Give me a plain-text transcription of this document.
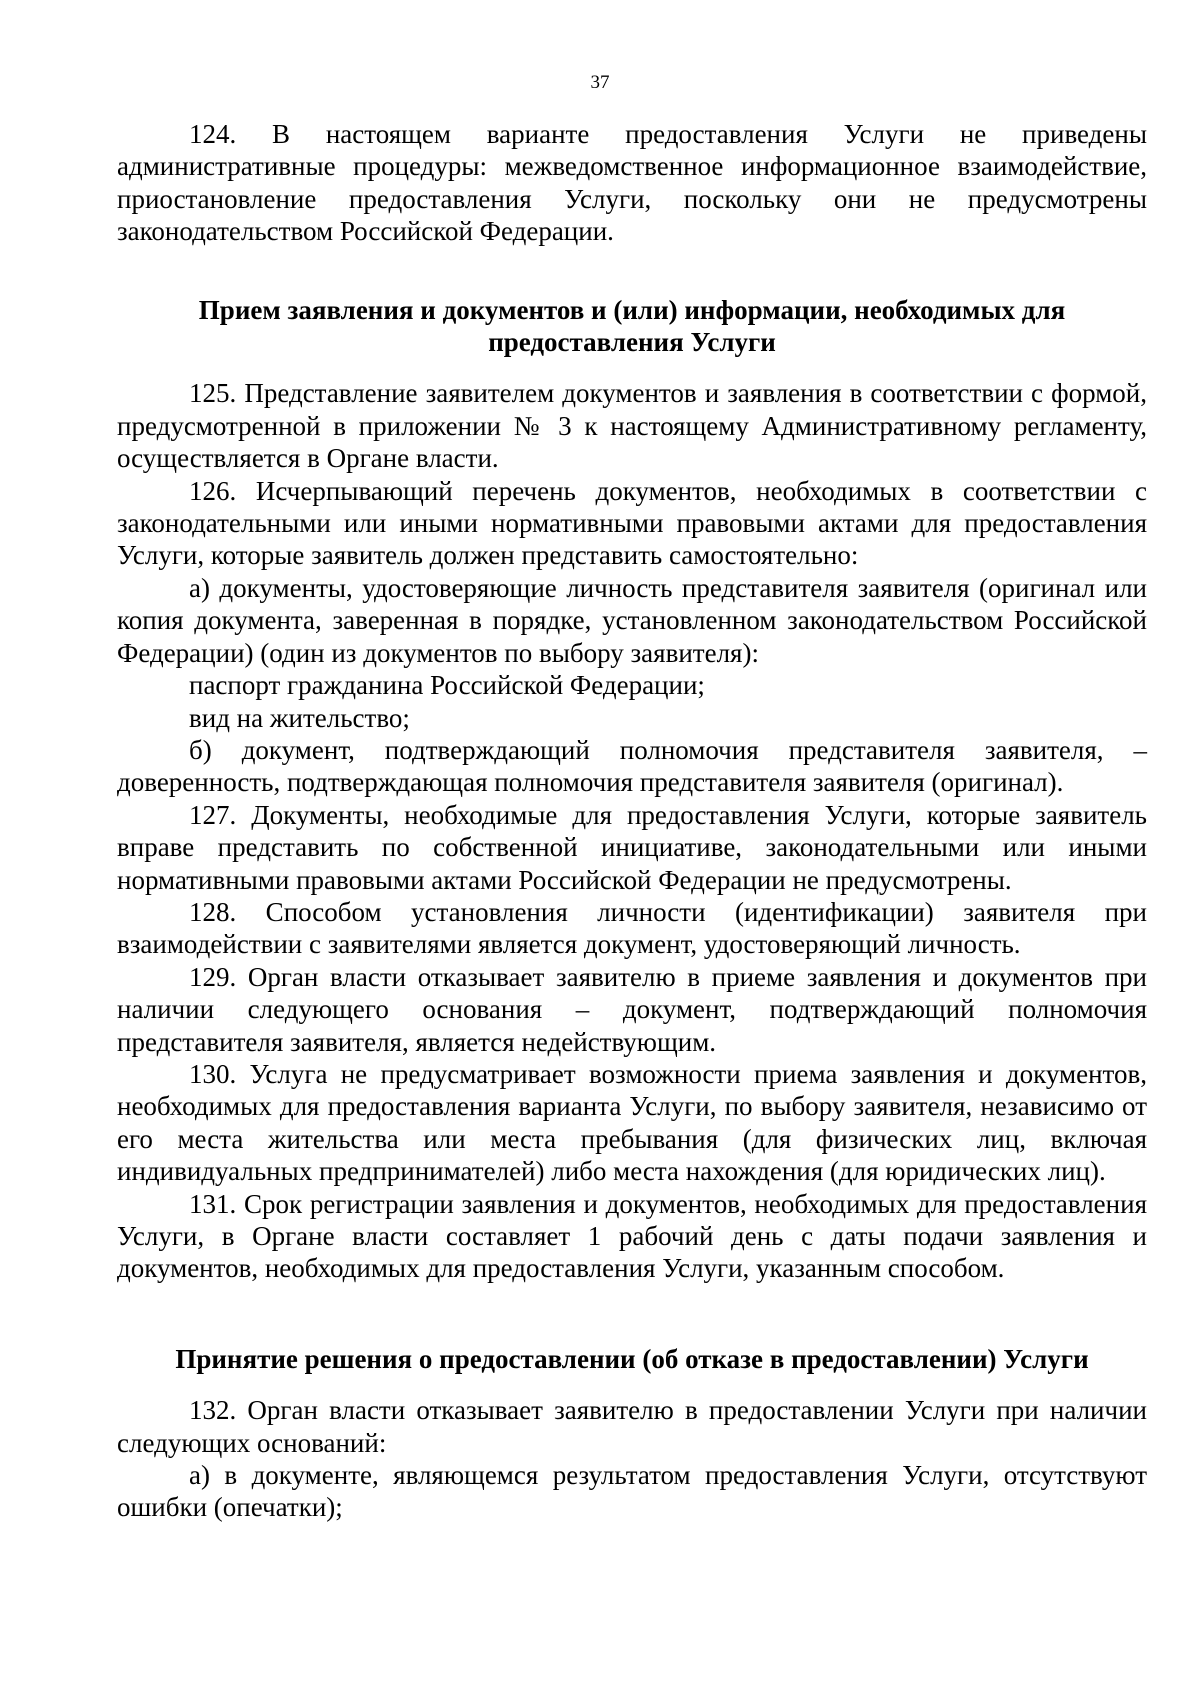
37

124. В настоящем варианте предоставления Услуги не приведены административные процедуры: межведомственное информационное взаимодействие, приостановление предоставления Услуги, поскольку они не предусмотрены законодательством Российской Федерации.

Прием заявления и документов и (или) информации, необходимых для предоставления Услуги

125. Представление заявителем документов и заявления в соответствии с формой, предусмотренной в приложении № 3 к настоящему Административному регламенту, осуществляется в Органе власти.

126. Исчерпывающий перечень документов, необходимых в соответствии с законодательными или иными нормативными правовыми актами для предоставления Услуги, которые заявитель должен представить самостоятельно:

а) документы, удостоверяющие личность представителя заявителя (оригинал или копия документа, заверенная в порядке, установленном законодательством Российской Федерации) (один из документов по выбору заявителя):

паспорт гражданина Российской Федерации;

вид на жительство;

б) документ, подтверждающий полномочия представителя заявителя, – доверенность, подтверждающая полномочия представителя заявителя (оригинал).

127. Документы, необходимые для предоставления Услуги, которые заявитель вправе представить по собственной инициативе, законодательными или иными нормативными правовыми актами Российской Федерации не предусмотрены.

128. Способом установления личности (идентификации) заявителя при взаимодействии с заявителями является документ, удостоверяющий личность.

129. Орган власти отказывает заявителю в приеме заявления и документов при наличии следующего основания – документ, подтверждающий полномочия представителя заявителя, является недействующим.

130. Услуга не предусматривает возможности приема заявления и документов, необходимых для предоставления варианта Услуги, по выбору заявителя, независимо от его места жительства или места пребывания (для физических лиц, включая индивидуальных предпринимателей) либо места нахождения (для юридических лиц).

131. Срок регистрации заявления и документов, необходимых для предоставления Услуги, в Органе власти составляет 1 рабочий день с даты подачи заявления и документов, необходимых для предоставления Услуги, указанным способом.

Принятие решения о предоставлении (об отказе в предоставлении) Услуги

132. Орган власти отказывает заявителю в предоставлении Услуги при наличии следующих оснований:

а) в документе, являющемся результатом предоставления Услуги, отсутствуют ошибки (опечатки);
